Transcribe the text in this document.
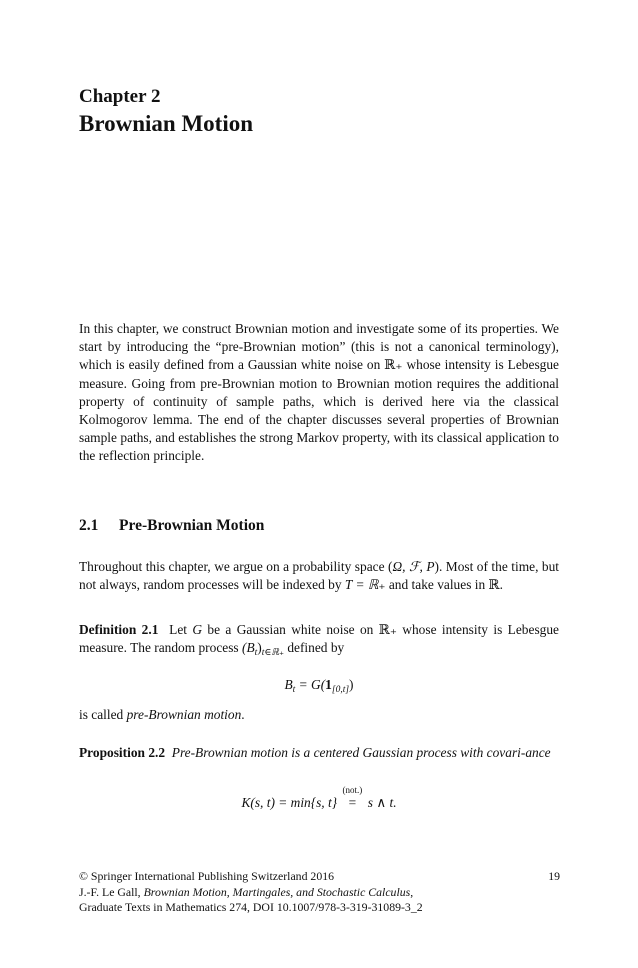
Chapter 2
Brownian Motion
In this chapter, we construct Brownian motion and investigate some of its properties. We start by introducing the “pre-Brownian motion” (this is not a canonical terminology), which is easily defined from a Gaussian white noise on ℝ₊ whose intensity is Lebesgue measure. Going from pre-Brownian motion to Brownian motion requires the additional property of continuity of sample paths, which is derived here via the classical Kolmogorov lemma. The end of the chapter discusses several properties of Brownian sample paths, and establishes the strong Markov property, with its classical application to the reflection principle.
2.1 Pre-Brownian Motion
Throughout this chapter, we argue on a probability space (Ω, ℱ, P). Most of the time, but not always, random processes will be indexed by T = ℝ₊ and take values in ℝ.
Definition 2.1 Let G be a Gaussian white noise on ℝ₊ whose intensity is Lebesgue measure. The random process $(B_t)_{t\in ℝ_+}$ defined by
$B_t = G(1_{[0,t]})$
is called pre-Brownian motion.
Proposition 2.2 Pre-Brownian motion is a centered Gaussian process with covari-ance
K(s, t) = min{s, t}
(not.)
= s ∧ t.
© Springer International Publishing Switzerland 2016	19
J.-F. Le Gall, Brownian Motion, Martingales, and Stochastic Calculus,
Graduate Texts in Mathematics 274, DOI 10.1007/978-3-319-31089-3_2
